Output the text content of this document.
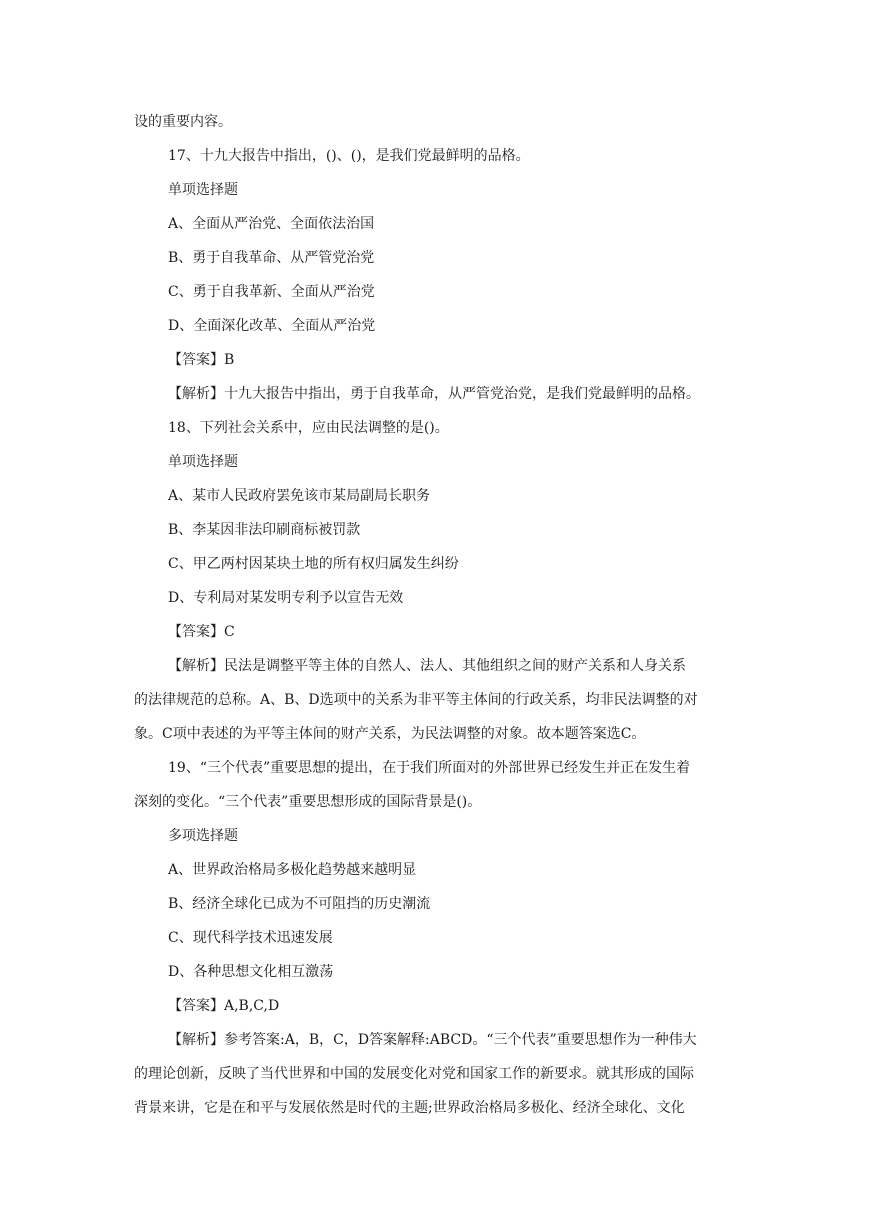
设的重要内容。
17、十九大报告中指出，()、()，是我们党最鲜明的品格。
单项选择题
A、全面从严治党、全面依法治国
B、勇于自我革命、从严管党治党
C、勇于自我革新、全面从严治党
D、全面深化改革、全面从严治党
【答案】B
【解析】十九大报告中指出，勇于自我革命，从严管党治党，是我们党最鲜明的品格。
18、下列社会关系中，应由民法调整的是()。
单项选择题
A、某市人民政府罢免该市某局副局长职务
B、李某因非法印刷商标被罚款
C、甲乙两村因某块土地的所有权归属发生纠纷
D、专利局对某发明专利予以宣告无效
【答案】C
【解析】民法是调整平等主体的自然人、法人、其他组织之间的财产关系和人身关系
的法律规范的总称。A、B、D选项中的关系为非平等主体间的行政关系，均非民法调整的对
象。C项中表述的为平等主体间的财产关系，为民法调整的对象。故本题答案选C。
19、“三个代表”重要思想的提出，在于我们所面对的外部世界已经发生并正在发生着
深刻的变化。“三个代表”重要思想形成的国际背景是()。
多项选择题
A、世界政治格局多极化趋势越来越明显
B、经济全球化已成为不可阻挡的历史潮流
C、现代科学技术迅速发展
D、各种思想文化相互激荡
【答案】A,B,C,D
【解析】参考答案:A，B，C，D答案解释:ABCD。“三个代表”重要思想作为一种伟大
的理论创新，反映了当代世界和中国的发展变化对党和国家工作的新要求。就其形成的国际
背景来讲，它是在和平与发展依然是时代的主题;世界政治格局多极化、经济全球化、文化
